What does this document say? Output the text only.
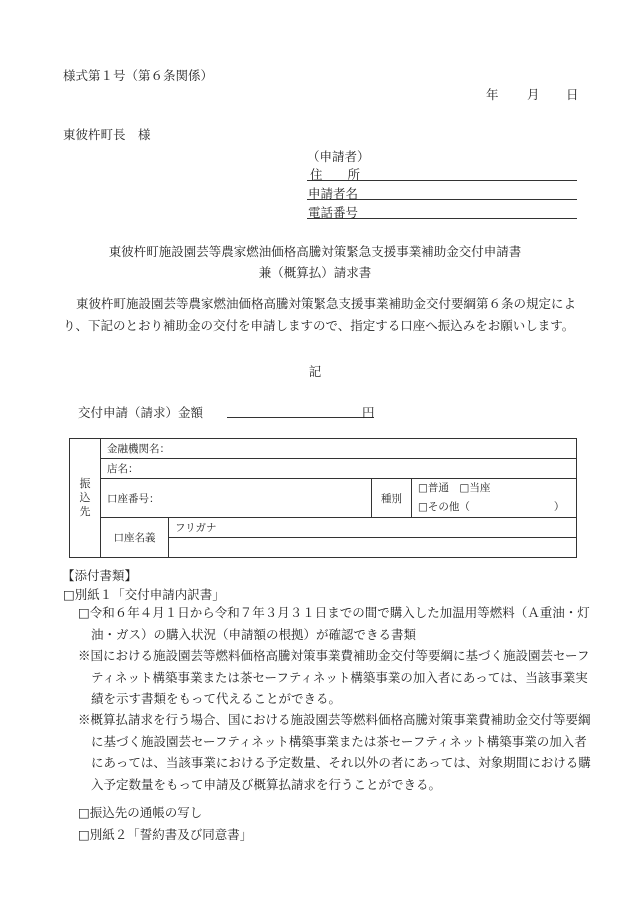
様式第１号（第６条関係）
年 月 日
東彼杵町長　様
（申請者）
住　　所
申請者名
電話番号
東彼杵町施設園芸等農家燃油価格高騰対策緊急支援事業補助金交付申請書
兼（概算払）請求書
東彼杵町施設園芸等農家燃油価格高騰対策緊急支援事業補助金交付要綱第６条の規定により、下記のとおり補助金の交付を申請しますので、指定する口座へ振込みをお願いします。
記
交付申請（請求）金額	円
振
込
先	金融機関名：			
	店名：			
	口座番号：		種別	□普通　□当座
□その他（　　　　　　　　）

	口座名義	フリガナ		

【添付書類】
□別紙１「交付申請内訳書」
□令和６年４月１日から令和７年３月３１日までの間で購入した加温用等燃料（Ａ重油・灯油・ガス）の購入状況（申請額の根拠）が確認できる書類
※国における施設園芸等燃料価格高騰対策事業費補助金交付等要綱に基づく施設園芸セーフティネット構築事業または茶セーフティネット構築事業の加入者にあっては、当該事業実績を示す書類をもって代えることができる。
※概算払請求を行う場合、国における施設園芸等燃料価格高騰対策事業費補助金交付等要綱に基づく施設園芸セーフティネット構築事業または茶セーフティネット構築事業の加入者にあっては、当該事業における予定数量、それ以外の者にあっては、対象期間における購入予定数量をもって申請及び概算払請求を行うことができる。
□振込先の通帳の写し
□別紙２「誓約書及び同意書」
